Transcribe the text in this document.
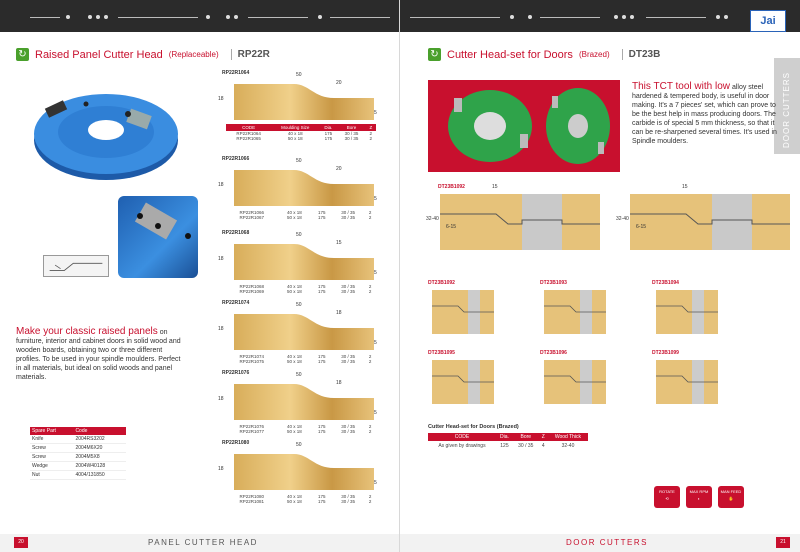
↻ Raised Panel Cutter Head (Replaceable)	RP22R
Make your classic raised panels on furniture, interior and cabinet doors in solid wood and wooden boards, obtaining two or three different profiles. To be used in your spindle moulders. Perfect in all materials, but ideal on solid woods and panel materials.
Spare Part	Code
Knife	2004RS3202
Screw	2004M6X20
Screw	2004M5X8
Wedge	2004W40128
Nut	4004/131850
RP22R1064	50
20
18
5
CODE	Moulding Size	Dia.	Bore	Z
RP22R1064	40 x 18	175	30 / 35	2
RP22R1065	50 x 18	175	30 / 35	2
RP22R1066	50
20
18
5
RP22R1066	40 x 18	175	30 / 35	2
RP22R1067	50 x 18	175	30 / 35	2
RP22R1068	50
15
18
5
RP22R1068	40 x 18	175	30 / 35	2
RP22R1069	50 x 18	175	30 / 35	2
RP22R1074	50
18
18
5
RP22R1074	40 x 18	175	30 / 35	2
RP22R1075	50 x 18	175	30 / 35	2
RP22R1076	50
18
18
5
RP22R1076	40 x 18	175	30 / 35	2
RP22R1077	50 x 18	175	30 / 35	2
RP22R1080	50
18
5
RP22R1080	40 x 18	175	30 / 35	2
RP22R1081	50 x 18	175	30 / 35	2
20	PANEL CUTTER HEAD
Jai
DOOR CUTTERS
↻ Cutter Head-set for Doors (Brazed)	DT23B
This TCT tool with low alloy steel hardened & tempered body, is useful in door making. It's a 7 pieces' set, which can prove to be the best help in mass producing doors. The carbide is of special 5 mm thickness, so that it can be re-sharpened several times. It's used in Spindle moulders.
DT23B1092	15
32-40
6-15
15
32-40
6-15
DT23B1092	DT23B1093	DT23B1094
DT23B1095	DT23B1096	DT23B1099
Cutter Head-set for Doors (Brazed)
CODE	Dia.	Bore	Z	Wood Thick
As given by drawings	125	30 / 35	4	32-40
ROTATE
⟲
MAX RPM
◐
MAN FEED
✋
DOOR CUTTERS	21
